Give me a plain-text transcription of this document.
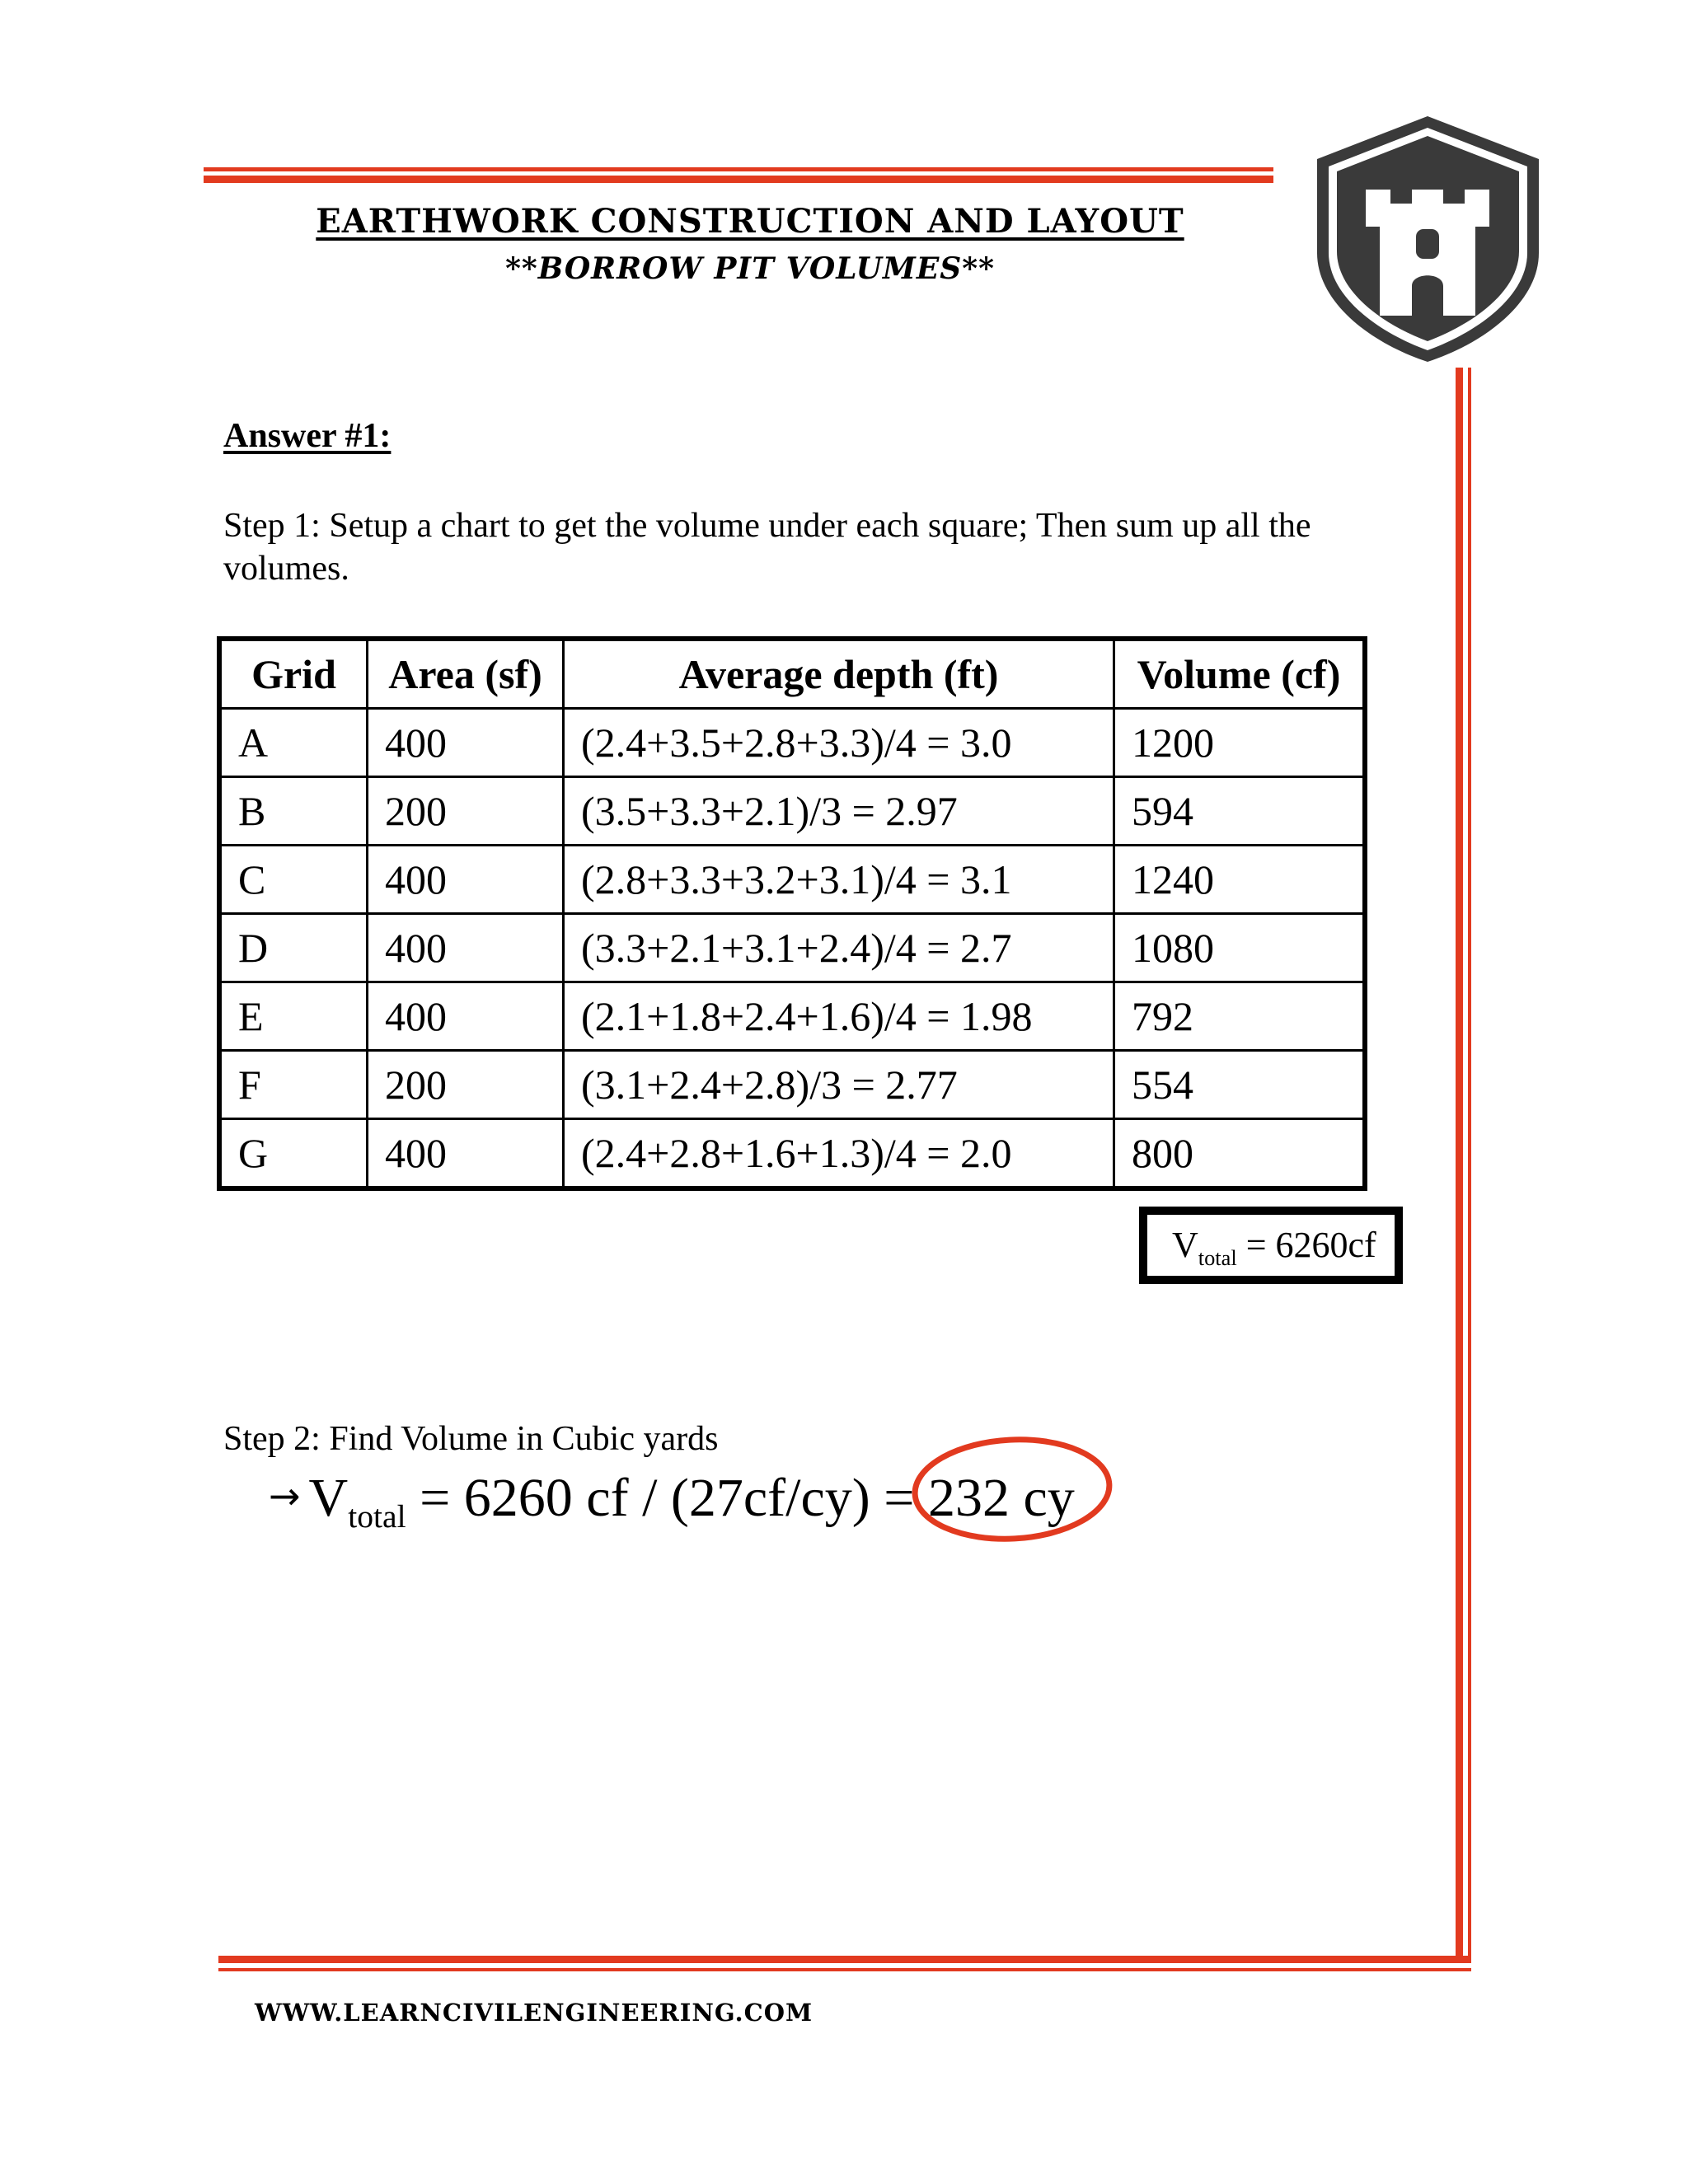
EARTHWORK CONSTRUCTION AND LAYOUT
**BORROW PIT VOLUMES**
Answer #1:
Step 1: Setup a chart to get the volume under each square; Then sum up all the volumes.
Grid	Area (sf)	Average depth (ft)	Volume (cf)
A	400	(2.4+3.5+2.8+3.3)/4 = 3.0	1200
B	200	(3.5+3.3+2.1)/3 = 2.97	594
C	400	(2.8+3.3+3.2+3.1)/4 = 3.1	1240
D	400	(3.3+2.1+3.1+2.4)/4 = 2.7	1080
E	400	(2.1+1.8+2.4+1.6)/4 = 1.98	792
F	200	(3.1+2.4+2.8)/3 = 2.77	554
G	400	(2.4+2.8+1.6+1.3)/4 = 2.0	800
$V_{total} = 6260cf$
Step 2: Find Volume in Cubic yards
→ $V_{total} = 6260$ cf / (27cf/cy) = 232 cy
WWW.LEARNCIVILENGINEERING.COM
